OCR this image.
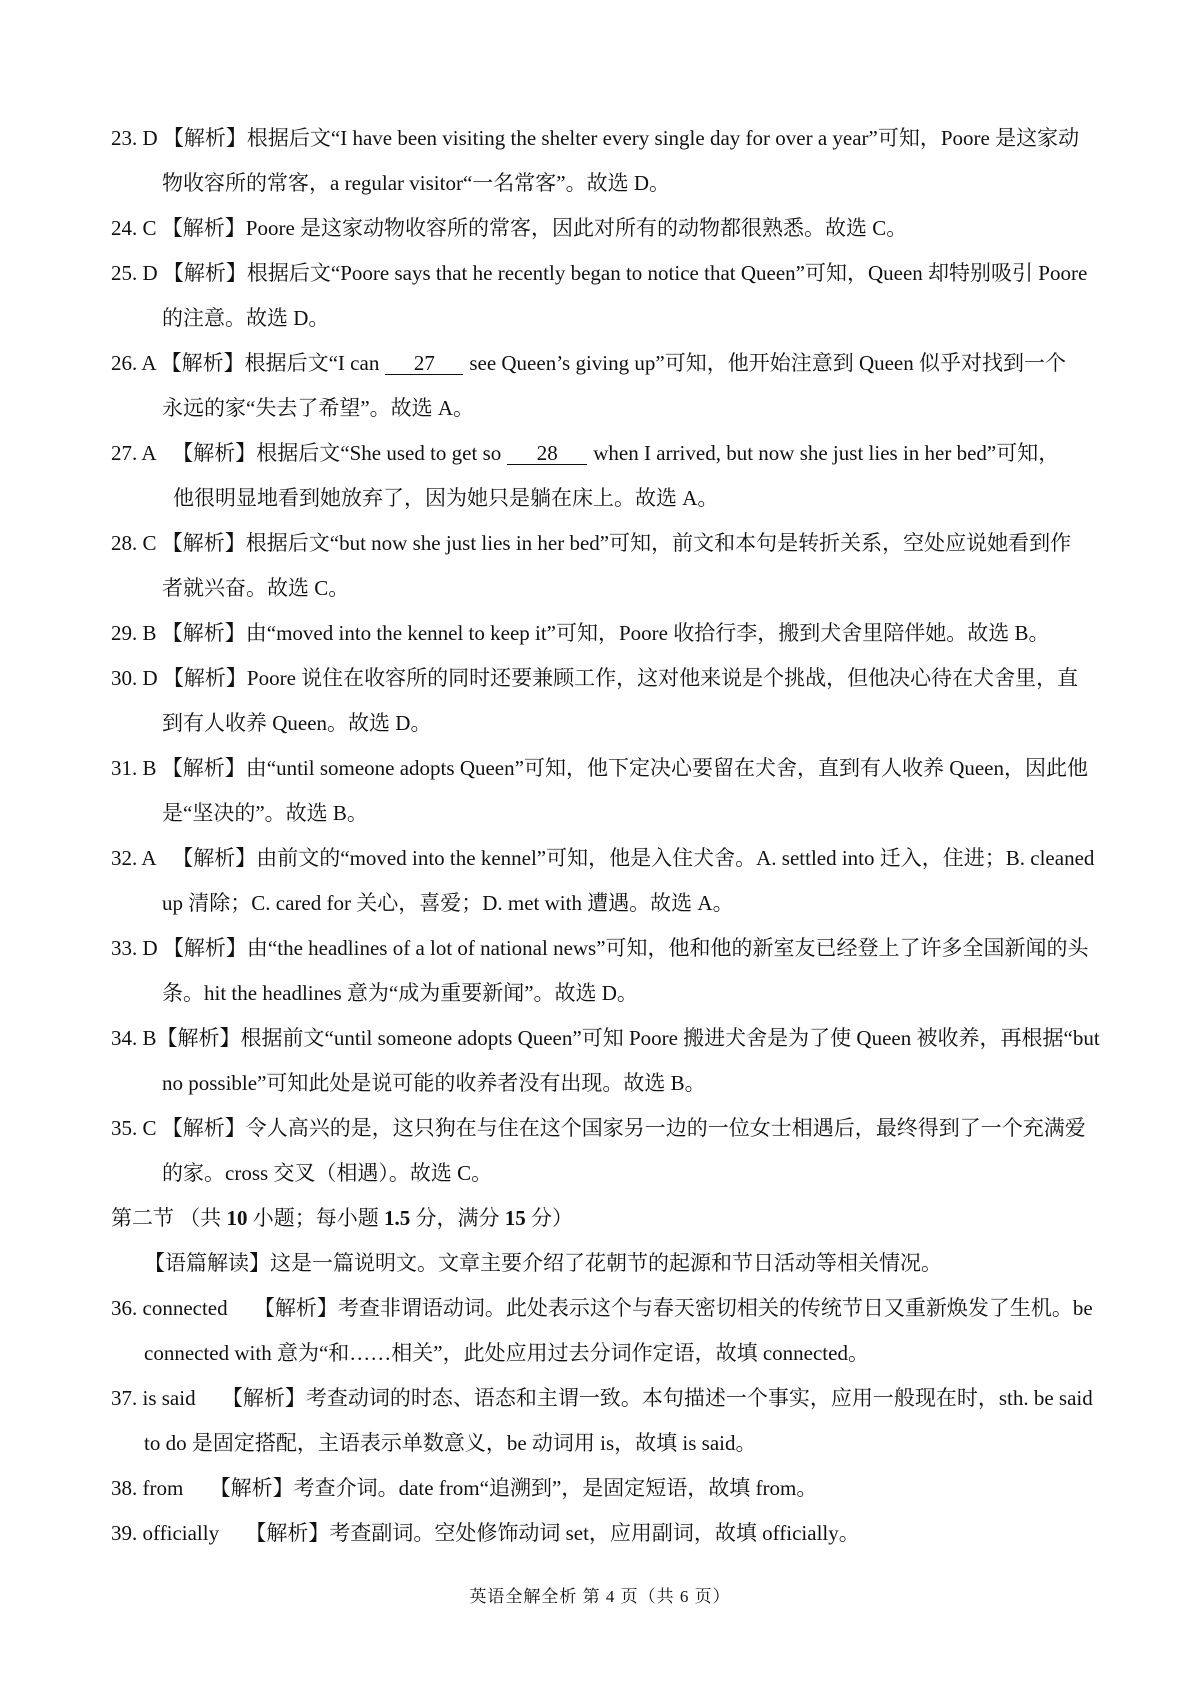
23. D 【解析】根据后文“I have been visiting the shelter every single day for over a year”可知，Poore 是这家动
物收容所的常客，a regular visitor“一名常客”。故选 D。
24. C 【解析】Poore 是这家动物收容所的常客，因此对所有的动物都很熟悉。故选 C。
25. D 【解析】根据后文“Poore says that he recently began to notice that Queen”可知，Queen 却特别吸引 Poore
的注意。故选 D。
26. A 【解析】根据后文“I can 27 see Queen’s giving up”可知，他开始注意到 Queen 似乎对找到一个
永远的家“失去了希望”。故选 A。
27. A 【解析】根据后文“She used to get so 28 when I arrived, but now she just lies in her bed”可知，
他很明显地看到她放弃了，因为她只是躺在床上。故选 A。
28. C 【解析】根据后文“but now she just lies in her bed”可知，前文和本句是转折关系，空处应说她看到作
者就兴奋。故选 C。
29. B 【解析】由“moved into the kennel to keep it”可知，Poore 收拾行李，搬到犬舍里陪伴她。故选 B。
30. D 【解析】Poore 说住在收容所的同时还要兼顾工作，这对他来说是个挑战，但他决心待在犬舍里，直
到有人收养 Queen。故选 D。
31. B 【解析】由“until someone adopts Queen”可知，他下定决心要留在犬舍，直到有人收养 Queen，因此他
是“坚决的”。故选 B。
32. A 【解析】由前文的“moved into the kennel”可知，他是入住犬舍。A. settled into 迁入，住进；B. cleaned
up 清除；C. cared for 关心，喜爱；D. met with 遭遇。故选 A。
33. D 【解析】由“the headlines of a lot of national news”可知，他和他的新室友已经登上了许多全国新闻的头
条。hit the headlines 意为“成为重要新闻”。故选 D。
34. B【解析】根据前文“until someone adopts Queen”可知 Poore 搬进犬舍是为了使 Queen 被收养，再根据“but
no possible”可知此处是说可能的收养者没有出现。故选 B。
35. C 【解析】令人高兴的是，这只狗在与住在这个国家另一边的一位女士相遇后，最终得到了一个充满爱
的家。cross 交叉（相遇）。故选 C。
第二节 （共 10 小题；每小题 1.5 分，满分 15 分）
【语篇解读】这是一篇说明文。文章主要介绍了花朝节的起源和节日活动等相关情况。
36. connected 【解析】考查非谓语动词。此处表示这个与春天密切相关的传统节日又重新焕发了生机。be
connected with 意为“和……相关”，此处应用过去分词作定语，故填 connected。
37. is said 【解析】考查动词的时态、语态和主谓一致。本句描述一个事实，应用一般现在时，sth. be said
to do 是固定搭配，主语表示单数意义，be 动词用 is，故填 is said。
38. from 【解析】考查介词。date from“追溯到”，是固定短语，故填 from。
39. officially 【解析】考查副词。空处修饰动词 set，应用副词，故填 officially。
英语全解全析 第 4 页（共 6 页）
